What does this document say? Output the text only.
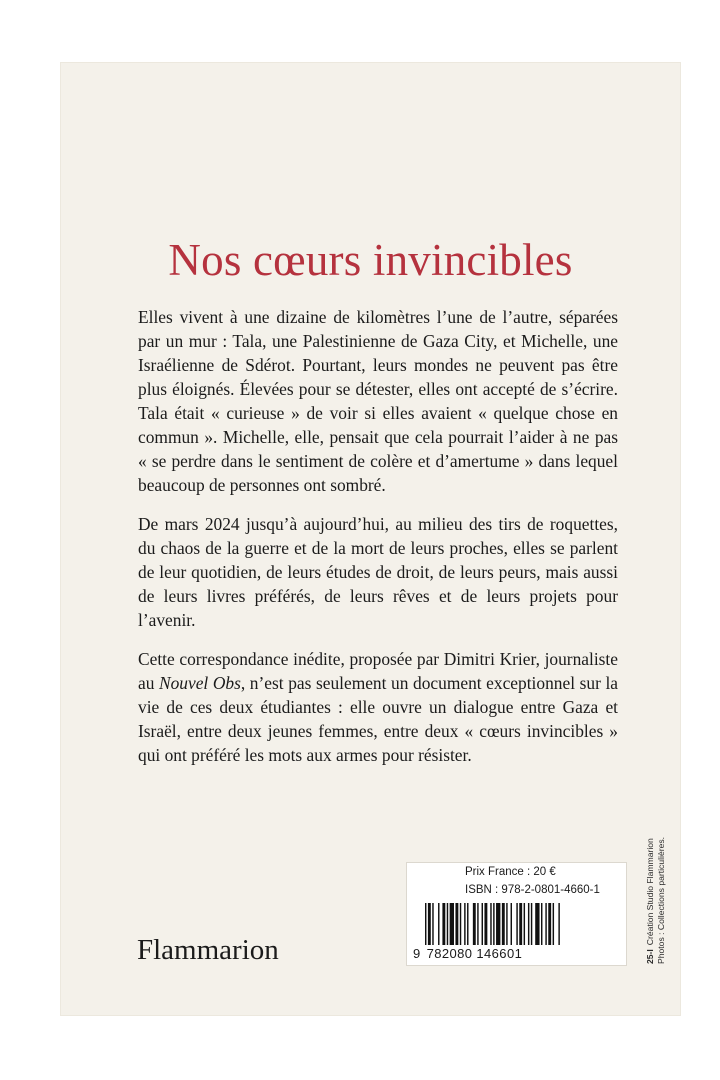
Nos cœurs invincibles

Elles vivent à une dizaine de kilomètres l’une de l’autre, séparées par un mur : Tala, une Palestinienne de Gaza City, et Michelle, une Israélienne de Sdérot. Pourtant, leurs mondes ne peuvent pas être plus éloignés. Élevées pour se détester, elles ont accepté de s’écrire. Tala était « curieuse » de voir si elles avaient « quelque chose en commun ». Michelle, elle, pensait que cela pourrait l’aider à ne pas « se perdre dans le sentiment de colère et d’amertume » dans lequel beaucoup de personnes ont sombré.

De mars 2024 jusqu’à aujourd’hui, au milieu des tirs de roquettes, du chaos de la guerre et de la mort de leurs proches, elles se parlent de leur quotidien, de leurs études de droit, de leurs peurs, mais aussi de leurs livres préférés, de leurs rêves et de leurs projets pour l’avenir.

Cette correspondance inédite, proposée par Dimitri Krier, journaliste au Nouvel Obs, n’est pas seulement un document exceptionnel sur la vie de ces deux étudiantes : elle ouvre un dialogue entre Gaza et Israël, entre deux jeunes femmes, entre deux « cœurs invincibles » qui ont préféré les mots aux armes pour résister.

Flammarion
Prix France : 20 €
ISBN : 978-2-0801-4660-1
9 782080 146601	25-ICréation Studio Flammarion Photos : Collections particulières.
